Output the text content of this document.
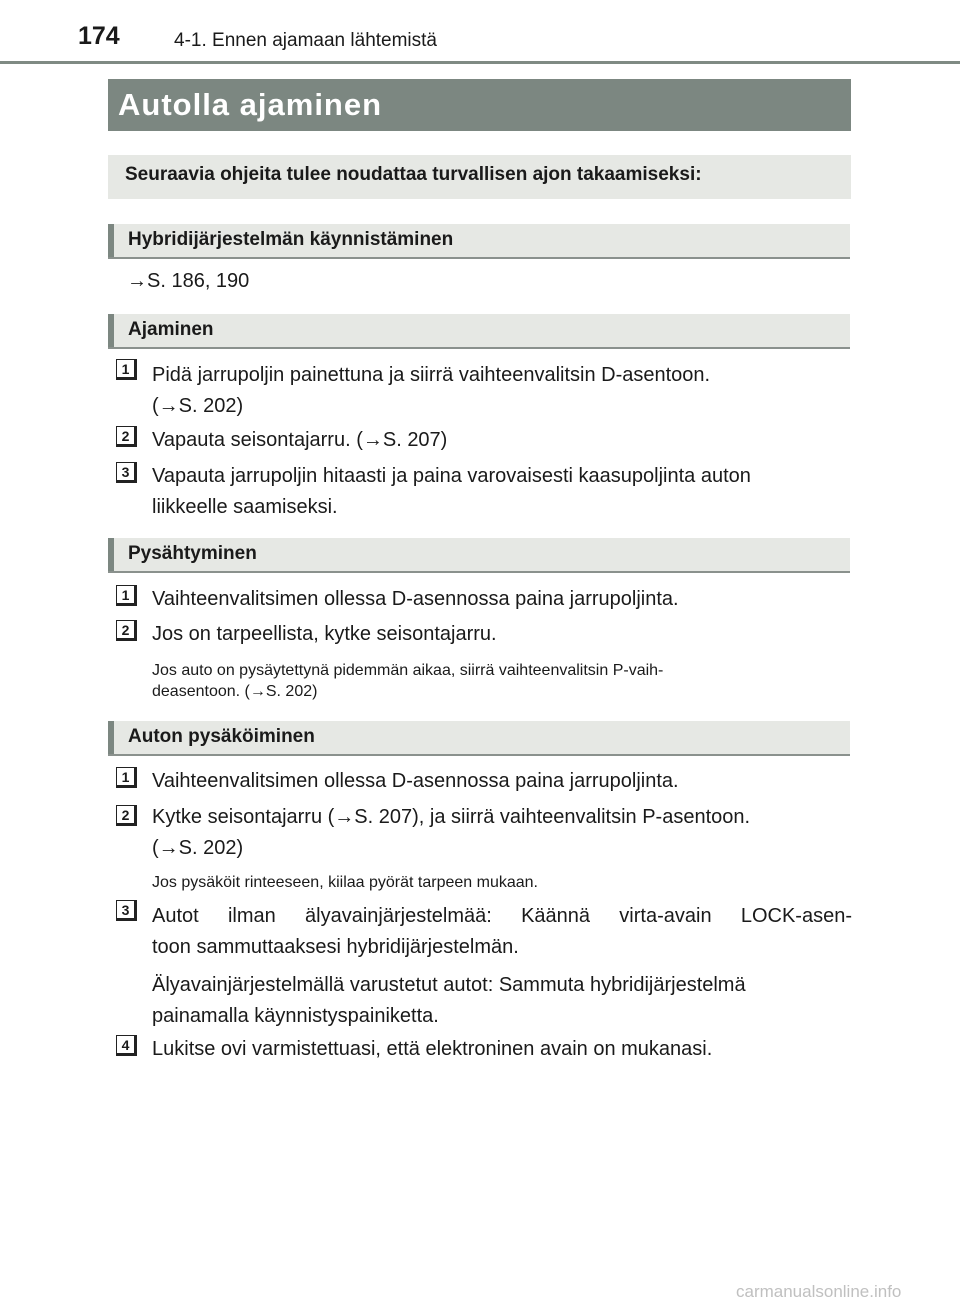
174	4-1. Ennen ajamaan lähtemistä
Autolla ajaminen
Seuraavia ohjeita tulee noudattaa turvallisen ajon takaamiseksi:
Hybridijärjestelmän käynnistäminen
→S. 186, 190
Ajaminen
1 Pidä jarrupoljin painettuna ja siirrä vaihteenvalitsin D-asentoon.
(→S. 202)
2 Vapauta seisontajarru. (→S. 207)
3 Vapauta jarrupoljin hitaasti ja paina varovaisesti kaasupoljinta auton
liikkeelle saamiseksi.
Pysähtyminen
1 Vaihteenvalitsimen ollessa D-asennossa paina jarrupoljinta.
2 Jos on tarpeellista, kytke seisontajarru.
Jos auto on pysäytettynä pidemmän aikaa, siirrä vaihteenvalitsin P-vaih-
deasentoon. (→S. 202)
Auton pysäköiminen
1 Vaihteenvalitsimen ollessa D-asennossa paina jarrupoljinta.
2 Kytke seisontajarru (→S. 207), ja siirrä vaihteenvalitsin P-asentoon.
(→S. 202)
Jos pysäköit rinteeseen, kiilaa pyörät tarpeen mukaan.
3 Autot ilman älyavainjärjestelmää: Käännä virta-avain LOCK-asen-
toon sammuttaaksesi hybridijärjestelmän.
Älyavainjärjestelmällä varustetut autot: Sammuta hybridijärjestelmä
painamalla käynnistyspainiketta.
4 Lukitse ovi varmistettuasi, että elektroninen avain on mukanasi.
carmanualsonline.info
